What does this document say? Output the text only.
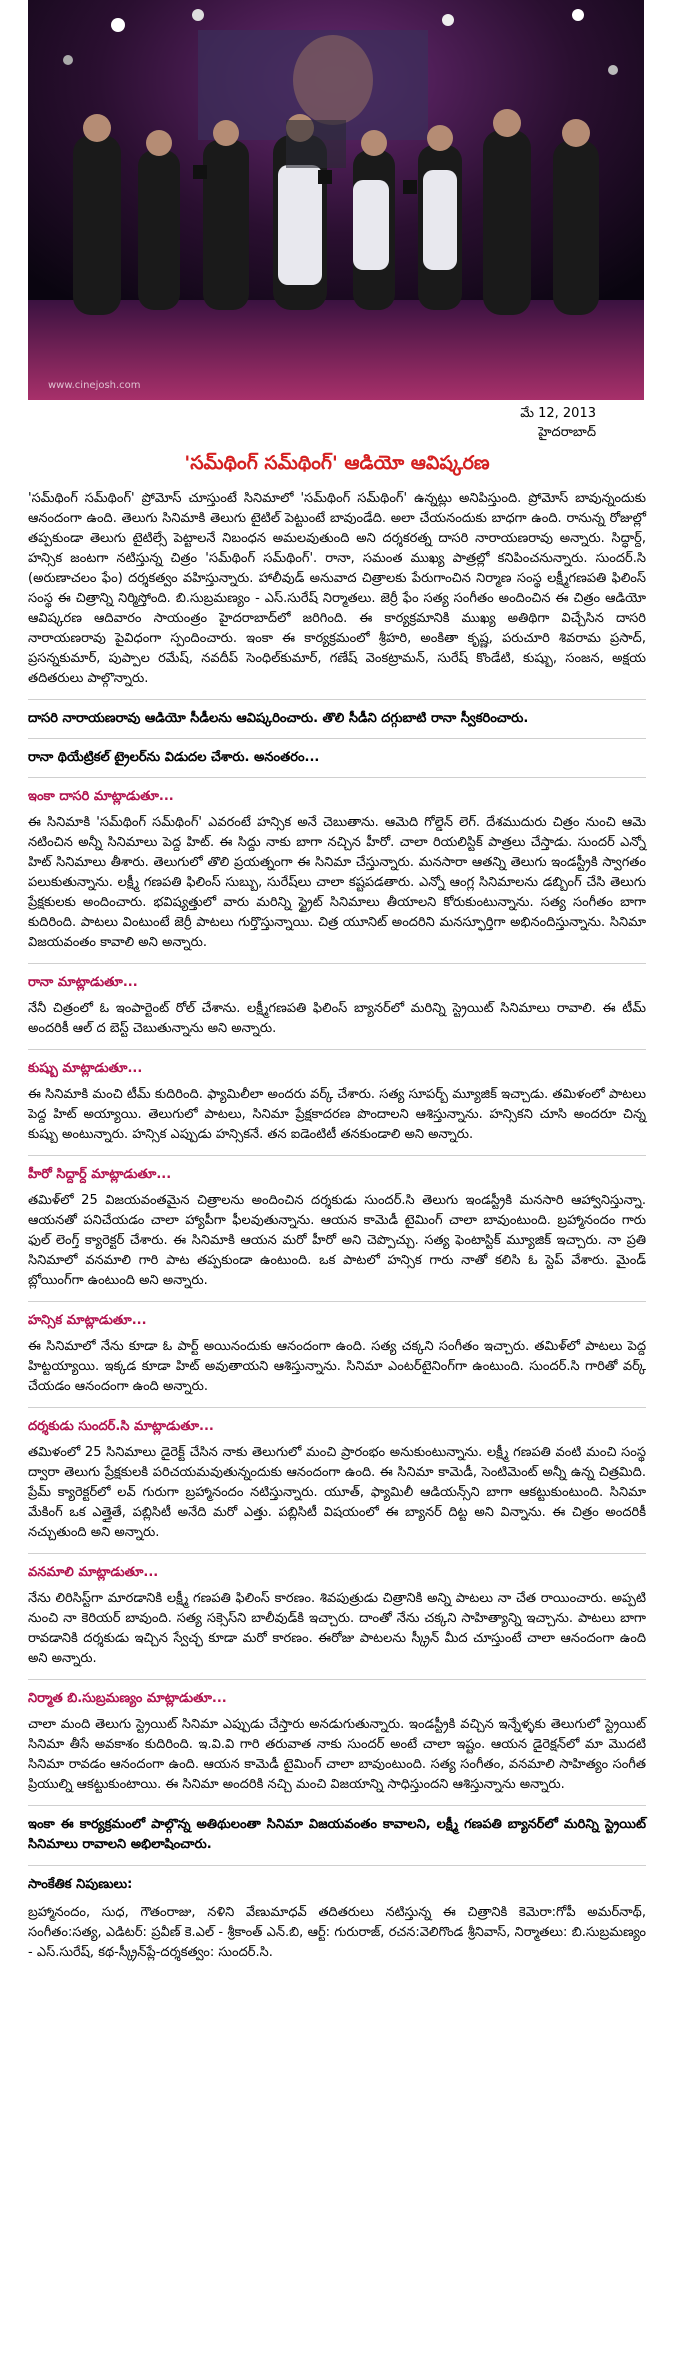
www.cinejosh.com
మే 12, 2013
హైదరాబాద్
'సమ్‌థింగ్ సమ్‌థింగ్' ఆడియో ఆవిష్కరణ

'సమ్‌థింగ్ సమ్‌థింగ్' ప్రోమోస్ చూస్తుంటే సినిమాలో 'సమ్‌థింగ్ సమ్‌థింగ్' ఉన్నట్లు అనిపిస్తుంది. ప్రోమోస్ బావున్నందుకు ఆనందంగా ఉంది. తెలుగు సినిమాకి తెలుగు టైటిల్ పెట్టుంటే బావుండేది. అలా చేయనందుకు బాధగా ఉంది. రానున్న రోజుల్లో తప్పకుండా తెలుగు టైటిల్సే పెట్టాలనే నిబంధన అమలవుతుంది అని దర్శకరత్న దాసరి నారాయణరావు అన్నారు. సిద్ధార్ద్, హన్సిక జంటగా నటిస్తున్న చిత్రం 'సమ్‌థింగ్ సమ్‌థింగ్'. రానా, సమంత ముఖ్య పాత్రల్లో కనిపించనున్నారు. సుందర్.సి (అరుణాచలం ఫేం) దర్శకత్వం వహిస్తున్నారు. హాలీవుడ్ అనువాద చిత్రాలకు పేరుగాంచిన నిర్మాణ సంస్థ లక్ష్మీగణపతి ఫిలింస్ సంస్థ ఈ చిత్రాన్ని నిర్మిస్తోంది. బి.సుబ్రమణ్యం - ఎస్.సురేష్ నిర్మాతలు. జెర్రీ ఫేం సత్య సంగీతం అందించిన ఈ చిత్రం ఆడియో ఆవిష్కరణ ఆదివారం సాయంత్రం హైదరాబాద్‌లో జరిగింది. ఈ కార్యక్రమానికి ముఖ్య అతిథిగా విచ్చేసిన దాసరి నారాయణరావు పైవిధంగా స్పందించారు. ఇంకా ఈ కార్యక్రమంలో శ్రీహరి, అంకితా కృష్ణ, పరుచూరి శివరామ ప్రసాద్, ప్రసన్నకుమార్, పుప్పాల రమేష్, నవదీప్ సెంధిల్‌కుమార్, గణేష్ వెంకట్రామన్, సురేష్ కొండేటి, కుష్బు, సంజన, అక్షయ తదితరులు పాల్గొన్నారు.

దాసరి నారాయణరావు ఆడియో సీడీలను ఆవిష్కరించారు. తొలి సీడీని దగ్గుబాటి రానా స్వీకరించారు.
రానా థియేట్రికల్ ట్రైలర్‌ను విడుదల చేశారు. అనంతరం...
ఇంకా దాసరి మాట్లాడుతూ...

ఈ సినిమాకి 'సమ్‌థింగ్ సమ్‌థింగ్' ఎవరంటే హన్సిక అనే చెబుతాను. ఆమెది గోల్డెన్ లెగ్. దేశముదురు చిత్రం నుంచి ఆమె నటించిన అన్నీ సినిమాలు పెద్ద హిట్. ఈ సిద్దు నాకు బాగా నచ్చిన హీరో. చాలా రియలిస్టిక్ పాత్రలు చేస్తాడు. సుందర్ ఎన్నో హిట్ సినిమాలు తీశారు. తెలుగులో తొలి ప్రయత్నంగా ఈ సినిమా చేస్తున్నారు. మనసారా ఆతన్ని తెలుగు ఇండస్ట్రీకి స్వాగతం పలుకుతున్నాను. లక్ష్మీ గణపతి ఫిలింస్ సుబ్బు, సురేష్‌లు చాలా కష్టపడతారు. ఎన్నో ఆంగ్ల సినిమాలను డబ్బింగ్ చేసి తెలుగు ప్రేక్షకులకు అందించారు. భవిష్యత్తులో వారు మరిన్ని స్ట్రైట్ సినిమాలు తీయాలని కోరుకుంటున్నాను. సత్య సంగీతం బాగా కుదిరింది. పాటలు వింటుంటే జెర్రీ పాటలు గుర్తొస్తున్నాయి. చిత్ర యూనిట్ అందరిని మనస్ఫూర్తిగా అభినందిస్తున్నాను. సినిమా విజయవంతం కావాలి అని అన్నారు.

రానా మాట్లాడుతూ...

నేనీ చిత్రంలో ఓ ఇంపార్టెంట్ రోల్ చేశాను. లక్ష్మీగణపతి ఫిలింస్ బ్యానర్‌లో మరిన్ని స్ట్రెయిట్ సినిమాలు రావాలి. ఈ టీమ్ అందరికీ ఆల్ ద బెస్ట్ చెబుతున్నాను అని అన్నారు.

కుష్బు మాట్లాడుతూ...

ఈ సినిమాకి మంచి టీమ్ కుదిరింది. ఫ్యామిలీలా అందరు వర్క్ చేశారు. సత్య సూపర్బ్ మ్యూజిక్ ఇచ్చాడు. తమిళంలో పాటలు పెద్ద హిట్ అయ్యాయి. తెలుగులో పాటలు, సినిమా ప్రేక్షకాదరణ పొందాలని ఆశిస్తున్నాను. హన్సికని చూసి అందరూ చిన్న కుష్బు అంటున్నారు. హన్సిక ఎప్పుడు హన్సికనే. తన ఐడెంటిటీ తనకుండాలి అని అన్నారు.

హీరో సిద్దార్ద్ మాట్లాడుతూ...

తమిళ్‌లో 25 విజయవంతమైన చిత్రాలను అందించిన దర్శకుడు సుందర్.సి తెలుగు ఇండస్ట్రీకి మనసారి ఆహ్వానిస్తున్నా. ఆయనతో పనిచేయడం చాలా హ్యాపీగా ఫీలవుతున్నాను. ఆయన కామెడీ టైమింగ్ చాలా బావుంటుంది. బ్రహ్మానందం గారు ఫుల్ లెంగ్త్ క్యారెక్టర్ చేశారు. ఈ సినిమాకి ఆయన మరో హీరో అని చెప్పొచ్చు. సత్య ఫెంటాస్టిక్ మ్యూజిక్ ఇచ్చారు. నా ప్రతి సినిమాలో వనమాలి గారి పాట తప్పకుండా ఉంటుంది. ఒక పాటలో హన్సిక గారు నాతో కలిసి ఓ స్టెప్ వేశారు. మైండ్ బ్లోయింగ్‌గా ఉంటుంది అని అన్నారు.

హన్సిక మాట్లాడుతూ...

ఈ సినిమాలో నేను కూడా ఓ పార్ట్ అయినందుకు ఆనందంగా ఉంది. సత్య చక్కని సంగీతం ఇచ్చారు. తమిళ్‌లో పాటలు పెద్ద హిట్టయ్యాయి. ఇక్కడ కూడా హిట్ అవుతాయని ఆశిస్తున్నాను. సినిమా ఎంటర్‌టైనింగ్‌గా ఉంటుంది. సుందర్.సి గారితో వర్క్ చేయడం ఆనందంగా ఉంది అన్నారు.

దర్శకుడు సుందర్.సి మాట్లాడుతూ...

తమిళంలో 25 సినిమాలు డైరెక్ట్ చేసిన నాకు తెలుగులో మంచి ప్రారంభం అనుకుంటున్నాను. లక్ష్మీ గణపతి వంటి మంచి సంస్థ ద్వారా తెలుగు ప్రేక్షకులకి పరిచయమవుతున్నందుకు ఆనందంగా ఉంది. ఈ సినిమా కామెడీ, సెంటిమెంట్ అన్నీ ఉన్న చిత్రమిది. ప్రేమ్ క్యారెక్టర్‌లో లవ్ గురుగా బ్రహ్మానందం నటిస్తున్నారు. యూత్, ఫ్యామిలీ ఆడియన్స్‌ని బాగా ఆకట్టుకుంటుంది. సినిమా మేకింగ్ ఒక ఎత్తైతే, పబ్లిసిటీ అనేది మరో ఎత్తు. పబ్లిసిటీ విషయంలో ఈ బ్యానర్ దిట్ట అని విన్నాను. ఈ చిత్రం అందరికీ నచ్చుతుంది అని అన్నారు.

వనమాలి మాట్లాడుతూ...

నేను లిరిసిస్ట్‌గా మారడానికి లక్ష్మీ గణపతి ఫిలింస్ కారణం. శివపుత్రుడు చిత్రానికి అన్ని పాటలు నా చేత రాయించారు. అప్పటి నుంచి నా కెరియర్ బావుంది. సత్య సక్సెస్‌ని బాలీవుడ్‌కి ఇచ్చారు. దాంతో నేను చక్కని సాహిత్యాన్ని ఇచ్చాను. పాటలు బాగా రావడానికి దర్శకుడు ఇచ్చిన స్వేచ్ఛ కూడా మరో కారణం. ఈరోజు పాటలను స్క్రీన్ మీద చూస్తుంటే చాలా ఆనందంగా ఉంది అని అన్నారు.

నిర్మాత బి.సుబ్రమణ్యం మాట్లాడుతూ...

చాలా మంది తెలుగు స్ట్రెయిట్ సినిమా ఎప్పుడు చేస్తారు అనడుగుతున్నారు. ఇండస్ట్రీకి వచ్చిన ఇన్నేళ్ళకు తెలుగులో స్ట్రెయిట్ సినిమా తీసే అవకాశం కుదిరింది. ఇ.వి.వి గారి తరువాత నాకు సుందర్ అంటే చాలా ఇష్టం. ఆయన డైరెక్షన్‌లో మా మొదటి సినిమా రావడం ఆనందంగా ఉంది. ఆయన కామెడీ టైమింగ్ చాలా బావుంటుంది. సత్య సంగీతం, వనమాలి సాహిత్యం సంగీత ప్రియుల్ని ఆకట్టుకుంటాయి. ఈ సినిమా అందరికి నచ్చి మంచి విజయాన్ని సాధిస్తుందని ఆశిస్తున్నాను అన్నారు.

ఇంకా ఈ కార్యక్రమంలో పాల్గొన్న అతిథులంతా సినిమా విజయవంతం కావాలని, లక్ష్మీ గణపతి బ్యానర్‌లో మరిన్ని స్ట్రెయిట్ సినిమాలు రావాలని అభిలాషించారు.

సాంకేతిక నిపుణులు:

బ్రహ్మానందం, సుధ, గౌతంరాజు, నళిని వేణుమాధవ్ తదితరులు నటిస్తున్న ఈ చిత్రానికి కెమెరా:గోపీ అమర్‌నాథ్, సంగీతం:సత్య, ఎడిటర్: ప్రవీణ్ కె.ఎల్ - శ్రీకాంత్ ఎన్.బి, ఆర్ట్: గురురాజ్, రచన:వెలిగొండ శ్రీనివాస్, నిర్మాతలు: బి.సుబ్రమణ్యం - ఎస్.సురేష్, కథ-స్క్రీన్‌ప్లే-దర్శకత్వం: సుందర్.సి.
